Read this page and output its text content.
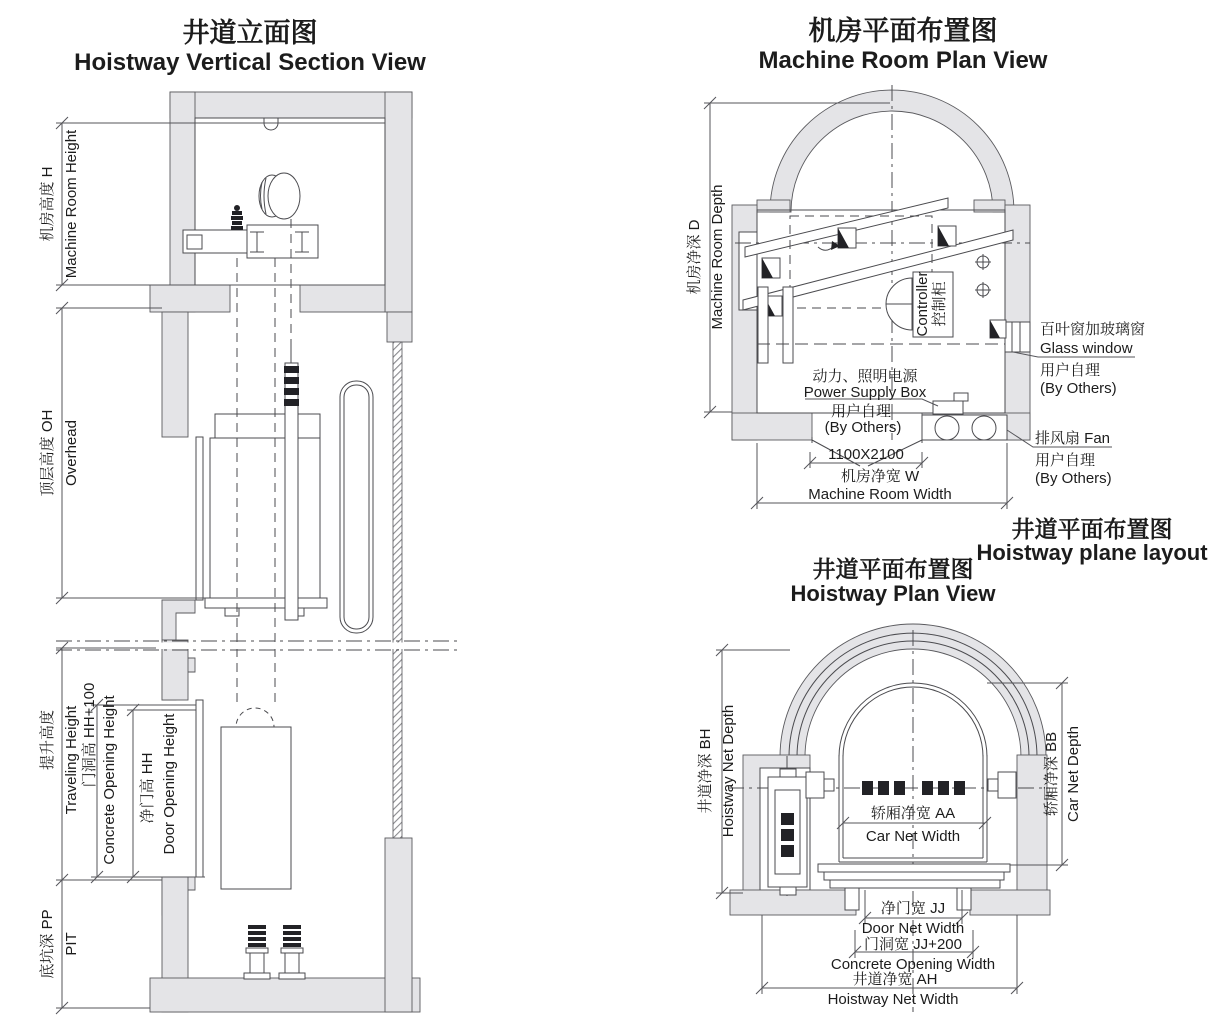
机房高度 H Machine Room Height
顶层高度 OH Overhead
提升高度 Traveling Height 门洞高 HH+100 Concrete Opening Height 净门高 HH Door Opening Height
底坑深 PP PIT
井道立面图
Hoistway Vertical Section View
机房净深 D Machine Room Depth	控制柜
Controller
动力、照明电源
Power Supply Box
用户自理
(By Others)
1100X2100
机房净宽 W
Machine Room Width
百叶窗加玻璃窗
Glass window
用户自理
(By Others)
排风扇 Fan
用户自理
(By Others)
机房平面布置图
Machine Room Plan View
井道净深 BH Hoistway Net Depth	轿厢净深 BB Car Net Depth
轿厢净宽 AA
Car Net Width
净门宽 JJ
Door Net Width
门洞宽 JJ+200
Concrete Opening Width
井道净宽 AH
Hoistway Net Width
井道平面布置图
Hoistway plane layout
井道平面布置图
Hoistway Plan View
